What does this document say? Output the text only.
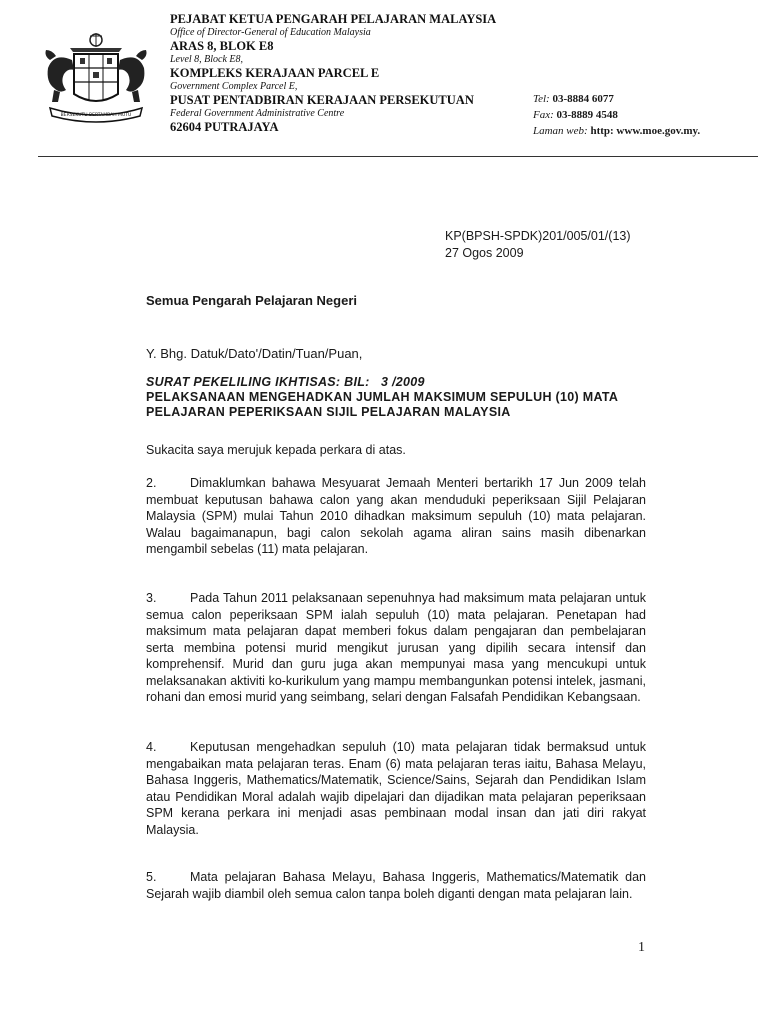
BERSEKUTU BERTAMBAH MUTU
PEJABAT KETUA PENGARAH PELAJARAN MALAYSIA
Office of Director-General of Education Malaysia
ARAS 8, BLOK E8
Level 8, Block E8,
KOMPLEKS KERAJAAN PARCEL E
Government Complex Parcel E,
PUSAT PENTADBIRAN KERAJAAN PERSEKUTUAN
Federal Government Administrative Centre
62604 PUTRAJAYA
Tel: 03-8884 6077
Fax: 03-8889 4548
Laman web: http: www.moe.gov.my.
KP(BPSH-SPDK)201/005/01/(13)
27 Ogos 2009
Semua Pengarah Pelajaran Negeri
Y. Bhg. Datuk/Dato'/Datin/Tuan/Puan,
SURAT PEKELILING IKHTISAS: BIL:   3 /2009
PELAKSANAAN MENGEHADKAN JUMLAH MAKSIMUM SEPULUH (10) MATA PELAJARAN PEPERIKSAAN SIJIL PELAJARAN MALAYSIA
Sukacita saya merujuk kepada perkara di atas.
2.	Dimaklumkan bahawa Mesyuarat Jemaah Menteri bertarikh 17 Jun 2009 telah membuat keputusan bahawa calon yang akan menduduki peperiksaan Sijil Pelajaran Malaysia (SPM) mulai Tahun 2010 dihadkan maksimum sepuluh (10) mata pelajaran. Walau bagaimanapun, bagi calon sekolah agama aliran sains masih dibenarkan mengambil sebelas (11) mata pelajaran.
3.	Pada Tahun 2011 pelaksanaan sepenuhnya had maksimum mata pelajaran untuk semua calon peperiksaan SPM ialah sepuluh (10) mata pelajaran. Penetapan had maksimum mata pelajaran dapat memberi fokus dalam pengajaran dan pembelajaran serta membina potensi murid mengikut jurusan yang dipilih secara intensif dan komprehensif. Murid dan guru juga akan mempunyai masa yang mencukupi untuk melaksanakan aktiviti ko-kurikulum yang mampu membangunkan potensi intelek, jasmani, rohani dan emosi murid yang seimbang, selari dengan Falsafah Pendidikan Kebangsaan.
4.	Keputusan mengehadkan sepuluh (10) mata pelajaran tidak bermaksud untuk mengabaikan mata pelajaran teras. Enam (6) mata pelajaran teras iaitu, Bahasa Melayu, Bahasa Inggeris, Mathematics/Matematik, Science/Sains, Sejarah dan Pendidikan Islam atau Pendidikan Moral adalah wajib dipelajari dan dijadikan mata pelajaran peperiksaan SPM kerana perkara ini menjadi asas pembinaan modal insan dan jati diri rakyat Malaysia.
5.	Mata pelajaran Bahasa Melayu, Bahasa Inggeris, Mathematics/Matematik dan Sejarah wajib diambil oleh semua calon tanpa boleh diganti dengan mata pelajaran lain.
1
